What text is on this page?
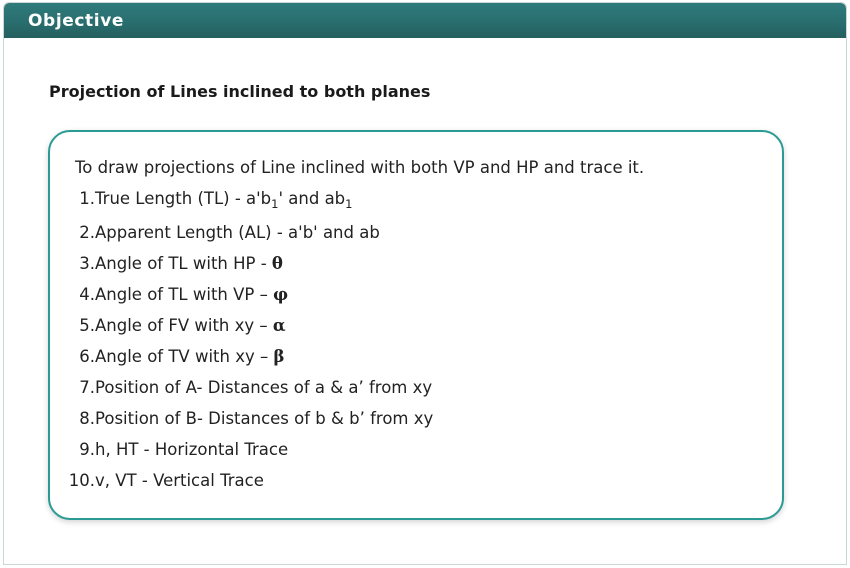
Objective
Projection of Lines inclined to both planes
To draw projections of Line inclined with both VP and HP and trace it.
1. True Length $(TL) - a'b_1'$ and $ab_1$
2. Apparent Length (AL) - a'b' and ab
3. Angle of TL with HP - θ
4. Angle of TL with VP – φ
5. Angle of FV with xy – α
6. Angle of TV with xy – β
7. Position of A- Distances of a & a’ from xy
8. Position of B- Distances of b & b’ from xy
9. h, HT - Horizontal Trace
10. v, VT - Vertical Trace
